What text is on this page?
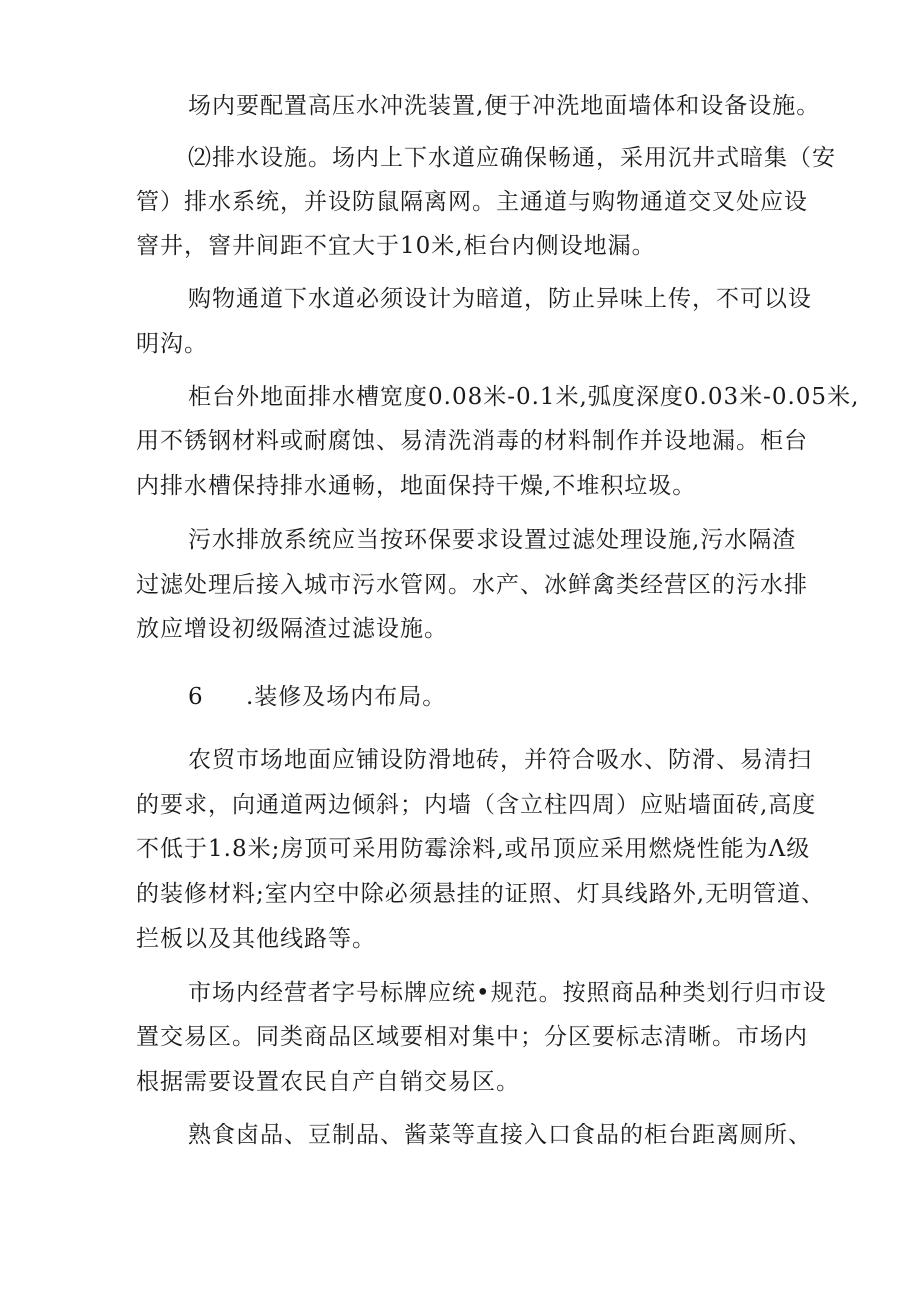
场内要配置高压水冲洗装置,便于冲洗地面墙体和设备设施。

⑵排水设施。场内上下水道应确保畅通，采用沉井式暗集（安

管）排水系统，并设防鼠隔离网。主通道与购物通道交叉处应设

窨井，窨井间距不宜大于10米,柜台内侧设地漏。

购物通道下水道必须设计为暗道，防止异味上传，不可以设

明沟。

柜台外地面排水槽宽度0.08米-0.1米,弧度深度0.03米-0.05米,

用不锈钢材料或耐腐蚀、易清洗消毒的材料制作并设地漏。柜台

内排水槽保持排水通畅，地面保持干燥,不堆积垃圾。

污水排放系统应当按环保要求设置过滤处理设施,污水隔渣

过滤处理后接入城市污水管网。水产、冰鲜禽类经营区的污水排

放应增设初级隔渣过滤设施。

6 .装修及场内布局。

农贸市场地面应铺设防滑地砖，并符合吸水、防滑、易清扫

的要求，向通道两边倾斜；内墙（含立柱四周）应贴墙面砖,高度

不低于1.8米;房顶可采用防霉涂料,或吊顶应采用燃烧性能为Λ级

的装修材料;室内空中除必须悬挂的证照、灯具线路外,无明管道、

拦板以及其他线路等。

市场内经营者字号标牌应统•规范。按照商品种类划行归市设

置交易区。同类商品区域要相对集中；分区要标志清晰。市场内

根据需要设置农民自产自销交易区。

熟食卤品、豆制品、酱菜等直接入口食品的柜台距离厕所、
